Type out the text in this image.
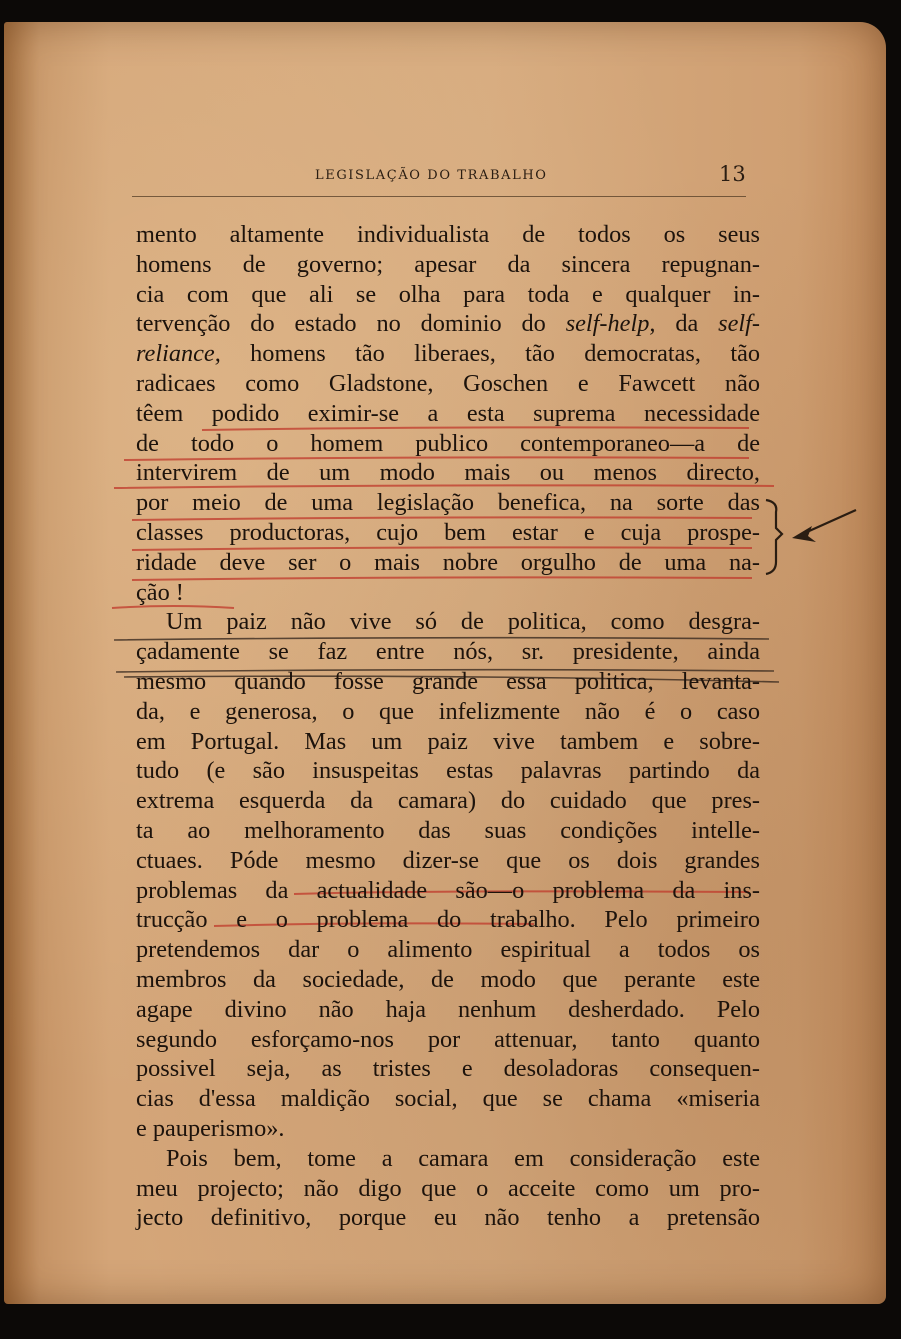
LEGISLAÇÃO DO TRABALHO	13
mento altamente individualista de todos os seus
homens de governo; apesar da sincera repugnan-
cia com que ali se olha para toda e qualquer in-
tervenção do estado no dominio do self-help, da self-
reliance, homens tão liberaes, tão democratas, tão
radicaes como Gladstone, Goschen e Fawcett não
têem podido eximir-se a esta suprema necessidade
de todo o homem publico contemporaneo—a de
intervirem de um modo mais ou menos directo,
por meio de uma legislação benefica, na sorte das
classes productoras, cujo bem estar e cuja prospe-
ridade deve ser o mais nobre orgulho de uma na-
ção !
Um paiz não vive só de politica, como desgra-
çadamente se faz entre nós, sr. presidente, ainda
mesmo quando fosse grande essa politica, levanta-
da, e generosa, o que infelizmente não é o caso
em Portugal. Mas um paiz vive tambem e sobre-
tudo (e são insuspeitas estas palavras partindo da
extrema esquerda da camara) do cuidado que pres-
ta ao melhoramento das suas condições intelle-
ctuaes. Póde mesmo dizer-se que os dois grandes
problemas da actualidade são—o problema da ins-
trucção e o problema do trabalho. Pelo primeiro
pretendemos dar o alimento espiritual a todos os
membros da sociedade, de modo que perante este
agape divino não haja nenhum desherdado. Pelo
segundo esforçamo-nos por attenuar, tanto quanto
possivel seja, as tristes e desoladoras consequen-
cias d'essa maldição social, que se chama «miseria
e pauperismo».
Pois bem, tome a camara em consideração este
meu projecto; não digo que o acceite como um pro-
jecto definitivo, porque eu não tenho a pretensão
